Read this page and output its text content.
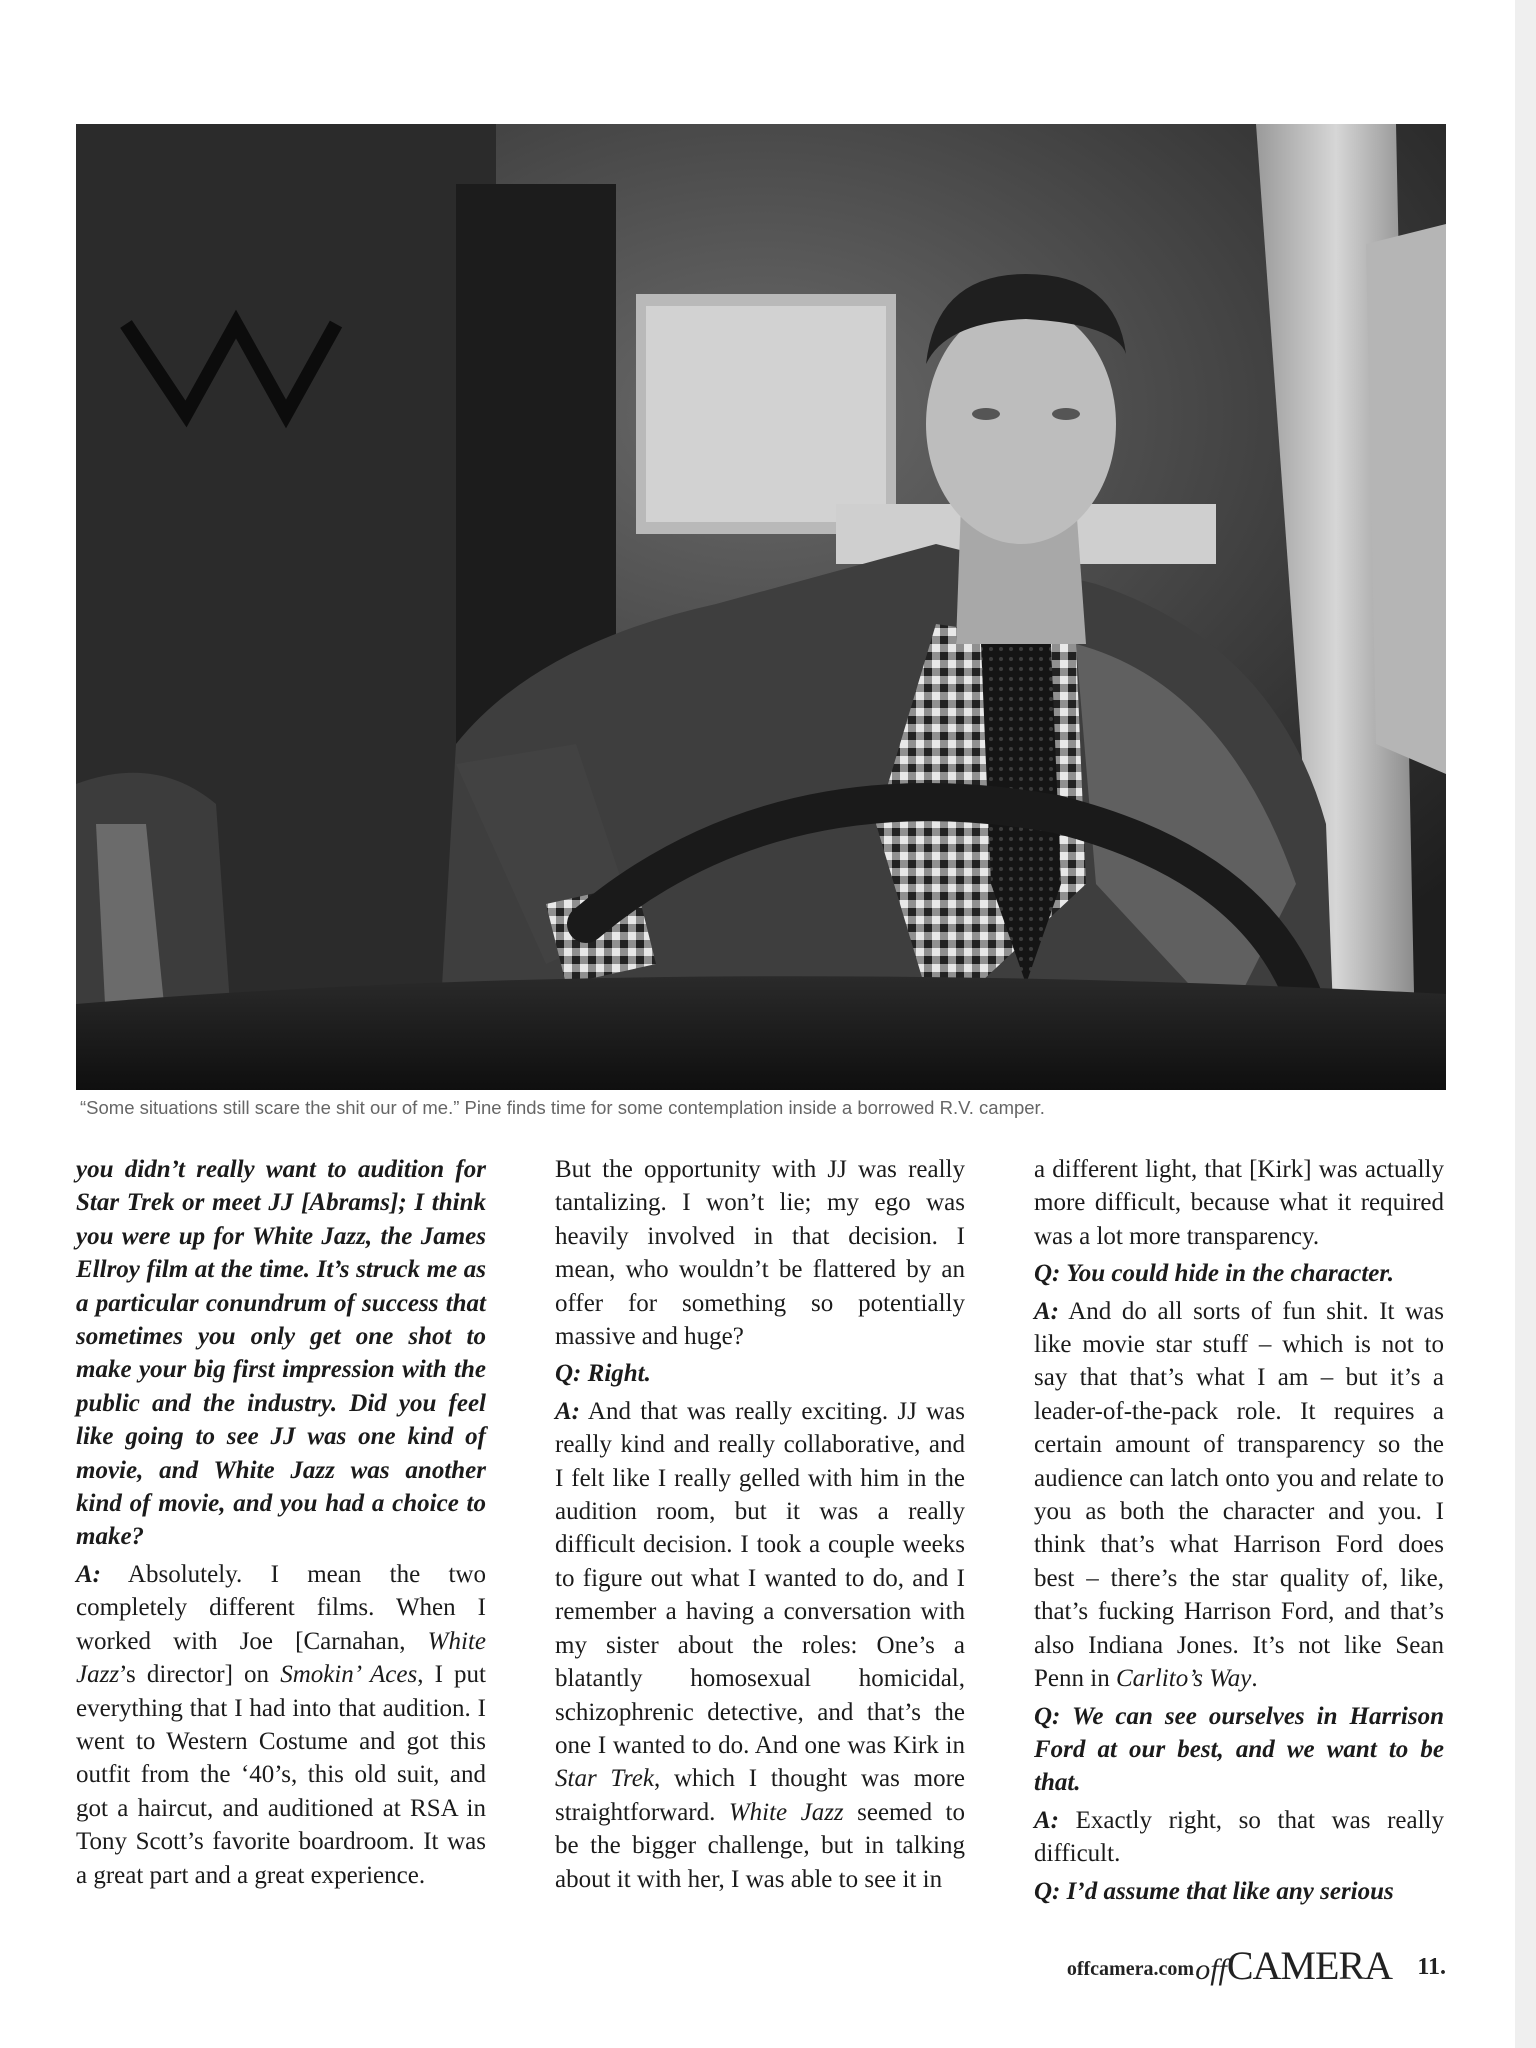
“Some situations still scare the shit our of me.” Pine finds time for some contemplation inside a borrowed R.V. camper.

you didn’t really want to audition for Star Trek or meet JJ [Abrams]; I think you were up for White Jazz, the James Ellroy film at the time. It’s struck me as a particular conundrum of success that sometimes you only get one shot to make your big first impression with the public and the industry. Did you feel like going to see JJ was one kind of movie, and White Jazz was another kind of movie, and you had a choice to make?

A: Absolutely. I mean the two completely different films. When I worked with Joe [Carnahan, White Jazz’s director] on Smokin’ Aces, I put everything that I had into that audition. I went to Western Costume and got this outfit from the ‘40’s, this old suit, and got a haircut, and auditioned at RSA in Tony Scott’s favorite boardroom. It was a great part and a great experience.

But the opportunity with JJ was really tantalizing. I won’t lie; my ego was heavily involved in that decision. I mean, who wouldn’t be flattered by an offer for something so potentially massive and huge?

Q: Right.

A: And that was really exciting. JJ was really kind and really collaborative, and I felt like I really gelled with him in the audition room, but it was a really difficult decision. I took a couple weeks to figure out what I wanted to do, and I remember a having a conversation with my sister about the roles: One’s a blatantly homosexual homicidal, schizophrenic detective, and that’s the one I wanted to do. And one was Kirk in Star Trek, which I thought was more straightforward. White Jazz seemed to be the bigger challenge, but in talking about it with her, I was able to see it in

a different light, that [Kirk] was actually more difficult, because what it required was a lot more transparency.

Q: You could hide in the character.

A: And do all sorts of fun shit. It was like movie star stuff – which is not to say that that’s what I am – but it’s a leader-of-the-pack role. It requires a certain amount of transparency so the audience can latch onto you and relate to you as both the character and you. I think that’s what Harrison Ford does best – there’s the star quality of, like, that’s fucking Harrison Ford, and that’s also Indiana Jones. It’s not like Sean Penn in Carlito’s Way.

Q: We can see ourselves in Harrison Ford at our best, and we want to be that.

A: Exactly right, so that was really difficult.

Q: I’d assume that like any serious

offcamera.com offCAMERA 11.
